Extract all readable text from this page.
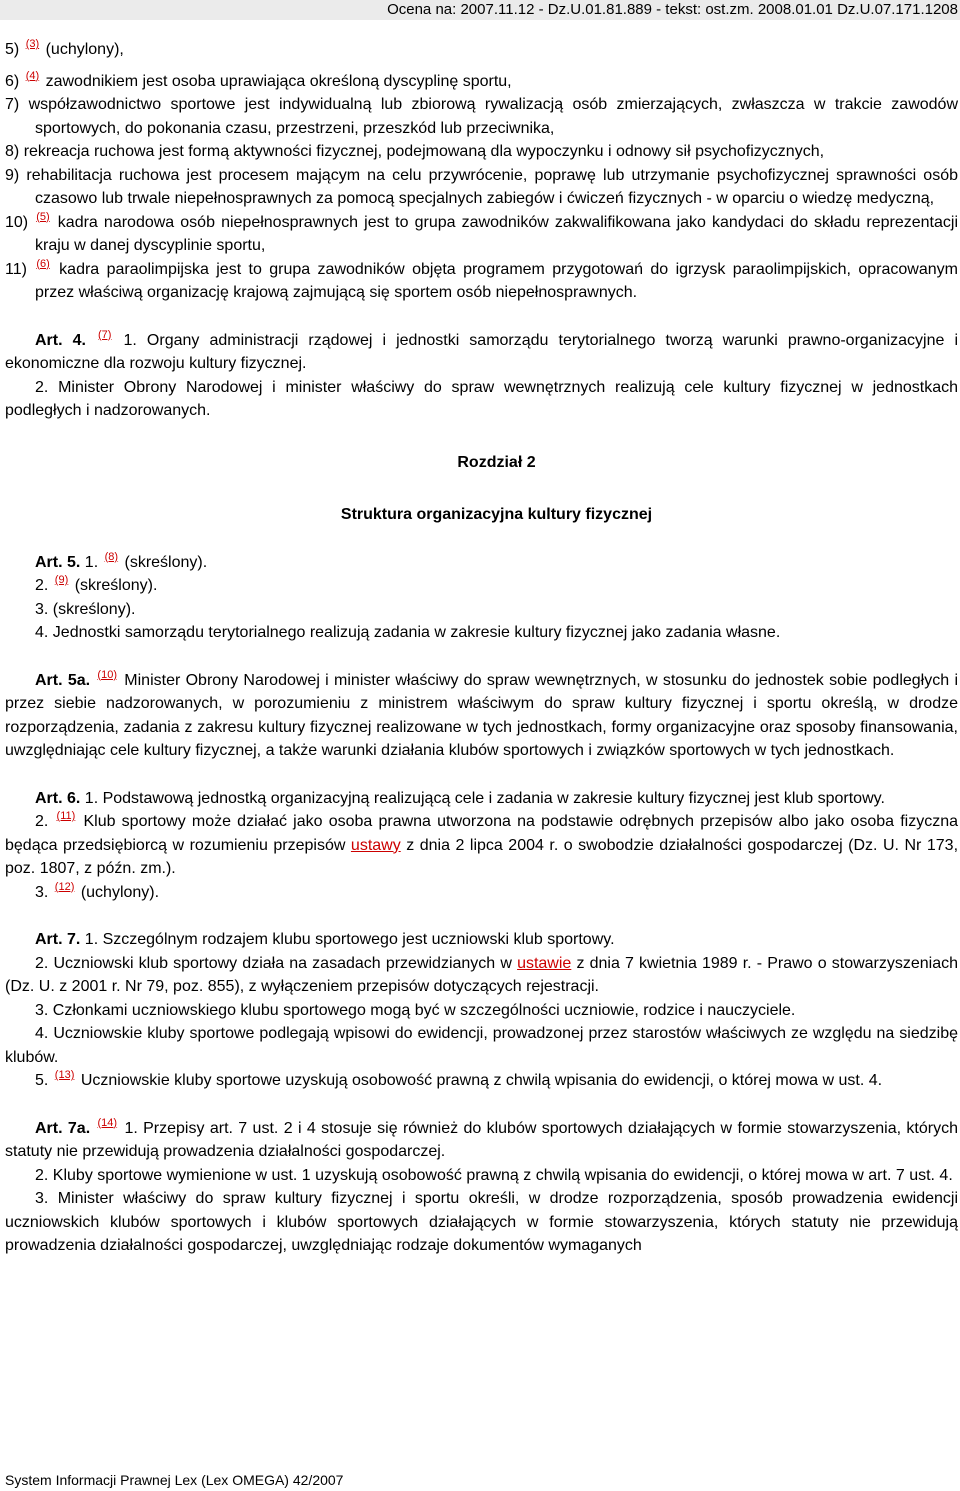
Ocena na: 2007.11.12 - Dz.U.01.81.889 - tekst: ost.zm. 2008.01.01 Dz.U.07.171.1208

5) $^{(3)}$ (uchylony),

6) $^{(4)}$ zawodnikiem jest osoba uprawiająca określoną dyscyplinę sportu,

7) współzawodnictwo sportowe jest indywidualną lub zbiorową rywalizacją osób zmierzających, zwłaszcza w trakcie zawodów sportowych, do pokonania czasu, przestrzeni, przeszkód lub przeciwnika,

8) rekreacja ruchowa jest formą aktywności fizycznej, podejmowaną dla wypoczynku i odnowy sił psychofizycznych,

9) rehabilitacja ruchowa jest procesem mającym na celu przywrócenie, poprawę lub utrzymanie psychofizycznej sprawności osób czasowo lub trwale niepełnosprawnych za pomocą specjalnych zabiegów i ćwiczeń fizycznych - w oparciu o wiedzę medyczną,

10) $^{(5)}$ kadra narodowa osób niepełnosprawnych jest to grupa zawodników zakwalifikowana jako kandydaci do składu reprezentacji kraju w danej dyscyplinie sportu,

11) $^{(6)}$ kadra paraolimpijska jest to grupa zawodników objęta programem przygotowań do igrzysk paraolimpijskich, opracowanym przez właściwą organizację krajową zajmującą się sportem osób niepełnosprawnych.

Art. 4. $^{(7)}$ 1. Organy administracji rządowej i jednostki samorządu terytorialnego tworzą warunki prawno-organizacyjne i ekonomiczne dla rozwoju kultury fizycznej.

2. Minister Obrony Narodowej i minister właściwy do spraw wewnętrznych realizują cele kultury fizycznej w jednostkach podległych i nadzorowanych.

Rozdział 2

Struktura organizacyjna kultury fizycznej

Art. 5. 1. $^{(8)}$ (skreślony).

2. $^{(9)}$ (skreślony).

3. (skreślony).

4. Jednostki samorządu terytorialnego realizują zadania w zakresie kultury fizycznej jako zadania własne.

Art. 5a. $^{(10)}$ Minister Obrony Narodowej i minister właściwy do spraw wewnętrznych, w stosunku do jednostek sobie podległych i przez siebie nadzorowanych, w porozumieniu z ministrem właściwym do spraw kultury fizycznej i sportu określą, w drodze rozporządzenia, zadania z zakresu kultury fizycznej realizowane w tych jednostkach, formy organizacyjne oraz sposoby finansowania, uwzględniając cele kultury fizycznej, a także warunki działania klubów sportowych i związków sportowych w tych jednostkach.

Art. 6. 1. Podstawową jednostką organizacyjną realizującą cele i zadania w zakresie kultury fizycznej jest klub sportowy.

2. $^{(11)}$ Klub sportowy może działać jako osoba prawna utworzona na podstawie odrębnych przepisów albo jako osoba fizyczna będąca przedsiębiorcą w rozumieniu przepisów ustawy z dnia 2 lipca 2004 r. o swobodzie działalności gospodarczej (Dz. U. Nr 173, poz. 1807, z późn. zm.).

3. $^{(12)}$ (uchylony).

Art. 7. 1. Szczególnym rodzajem klubu sportowego jest uczniowski klub sportowy.

2. Uczniowski klub sportowy działa na zasadach przewidzianych w ustawie z dnia 7 kwietnia 1989 r. - Prawo o stowarzyszeniach (Dz. U. z 2001 r. Nr 79, poz. 855), z wyłączeniem przepisów dotyczących rejestracji.

3. Członkami uczniowskiego klubu sportowego mogą być w szczególności uczniowie, rodzice i nauczyciele.

4. Uczniowskie kluby sportowe podlegają wpisowi do ewidencji, prowadzonej przez starostów właściwych ze względu na siedzibę klubów.

5. $^{(13)}$ Uczniowskie kluby sportowe uzyskują osobowość prawną z chwilą wpisania do ewidencji, o której mowa w ust. 4.

Art. 7a. $^{(14)}$ 1. Przepisy art. 7 ust. 2 i 4 stosuje się również do klubów sportowych działających w formie stowarzyszenia, których statuty nie przewidują prowadzenia działalności gospodarczej.

2. Kluby sportowe wymienione w ust. 1 uzyskują osobowość prawną z chwilą wpisania do ewidencji, o której mowa w art. 7 ust. 4.

3. Minister właściwy do spraw kultury fizycznej i sportu określi, w drodze rozporządzenia, sposób prowadzenia ewidencji uczniowskich klubów sportowych i klubów sportowych działających w formie stowarzyszenia, których statuty nie przewidują prowadzenia działalności gospodarczej, uwzględniając rodzaje dokumentów wymaganych

System Informacji Prawnej Lex (Lex OMEGA) 42/2007
